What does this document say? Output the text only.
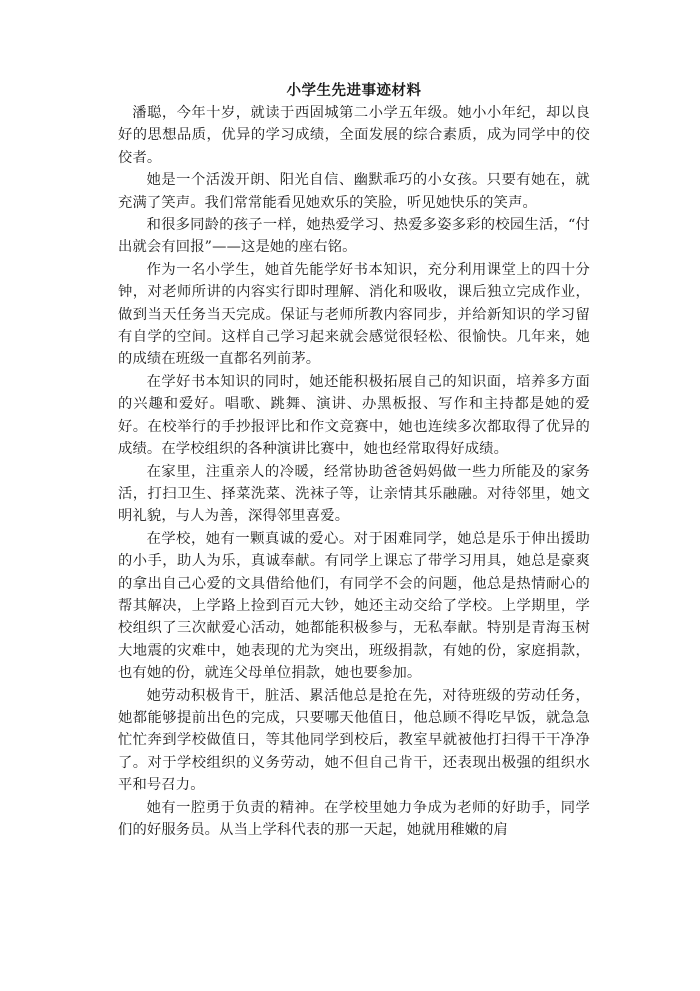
小学生先进事迹材料

潘聪，今年十岁，就读于西固城第二小学五年级。她小小年纪，却以良好的思想品质，优异的学习成绩，全面发展的综合素质，成为同学中的佼佼者。

她是一个活泼开朗、阳光自信、幽默乖巧的小女孩。只要有她在，就充满了笑声。我们常常能看见她欢乐的笑脸，听见她快乐的笑声。

和很多同龄的孩子一样，她热爱学习、热爱多姿多彩的校园生活，“付出就会有回报”——这是她的座右铭。

作为一名小学生，她首先能学好书本知识，充分利用课堂上的四十分钟，对老师所讲的内容实行即时理解、消化和吸收，课后独立完成作业，做到当天任务当天完成。保证与老师所教内容同步，并给新知识的学习留有自学的空间。这样自己学习起来就会感觉很轻松、很愉快。几年来，她的成绩在班级一直都名列前茅。

在学好书本知识的同时，她还能积极拓展自己的知识面，培养多方面的兴趣和爱好。唱歌、跳舞、演讲、办黑板报、写作和主持都是她的爱好。在校举行的手抄报评比和作文竞赛中，她也连续多次都取得了优异的成绩。在学校组织的各种演讲比赛中，她也经常取得好成绩。

在家里，注重亲人的冷暖，经常协助爸爸妈妈做一些力所能及的家务活，打扫卫生、择菜洗菜、洗袜子等，让亲情其乐融融。对待邻里，她文明礼貌，与人为善，深得邻里喜爱。

在学校，她有一颗真诚的爱心。对于困难同学，她总是乐于伸出援助的小手，助人为乐，真诚奉献。有同学上课忘了带学习用具，她总是豪爽的拿出自己心爱的文具借给他们，有同学不会的问题，他总是热情耐心的帮其解决，上学路上捡到百元大钞，她还主动交给了学校。上学期里，学校组织了三次献爱心活动，她都能积极参与，无私奉献。特别是青海玉树大地震的灾难中，她表现的尤为突出，班级捐款，有她的份，家庭捐款，也有她的份，就连父母单位捐款，她也要参加。

她劳动积极肯干，脏活、累活他总是抢在先，对待班级的劳动任务，她都能够提前出色的完成，只要哪天他值日，他总顾不得吃早饭，就急急忙忙奔到学校做值日，等其他同学到校后，教室早就被他打扫得干干净净了。对于学校组织的义务劳动，她不但自己肯干，还表现出极强的组织水平和号召力。

她有一腔勇于负责的精神。在学校里她力争成为老师的好助手，同学们的好服务员。从当上学科代表的那一天起，她就用稚嫩的肩
